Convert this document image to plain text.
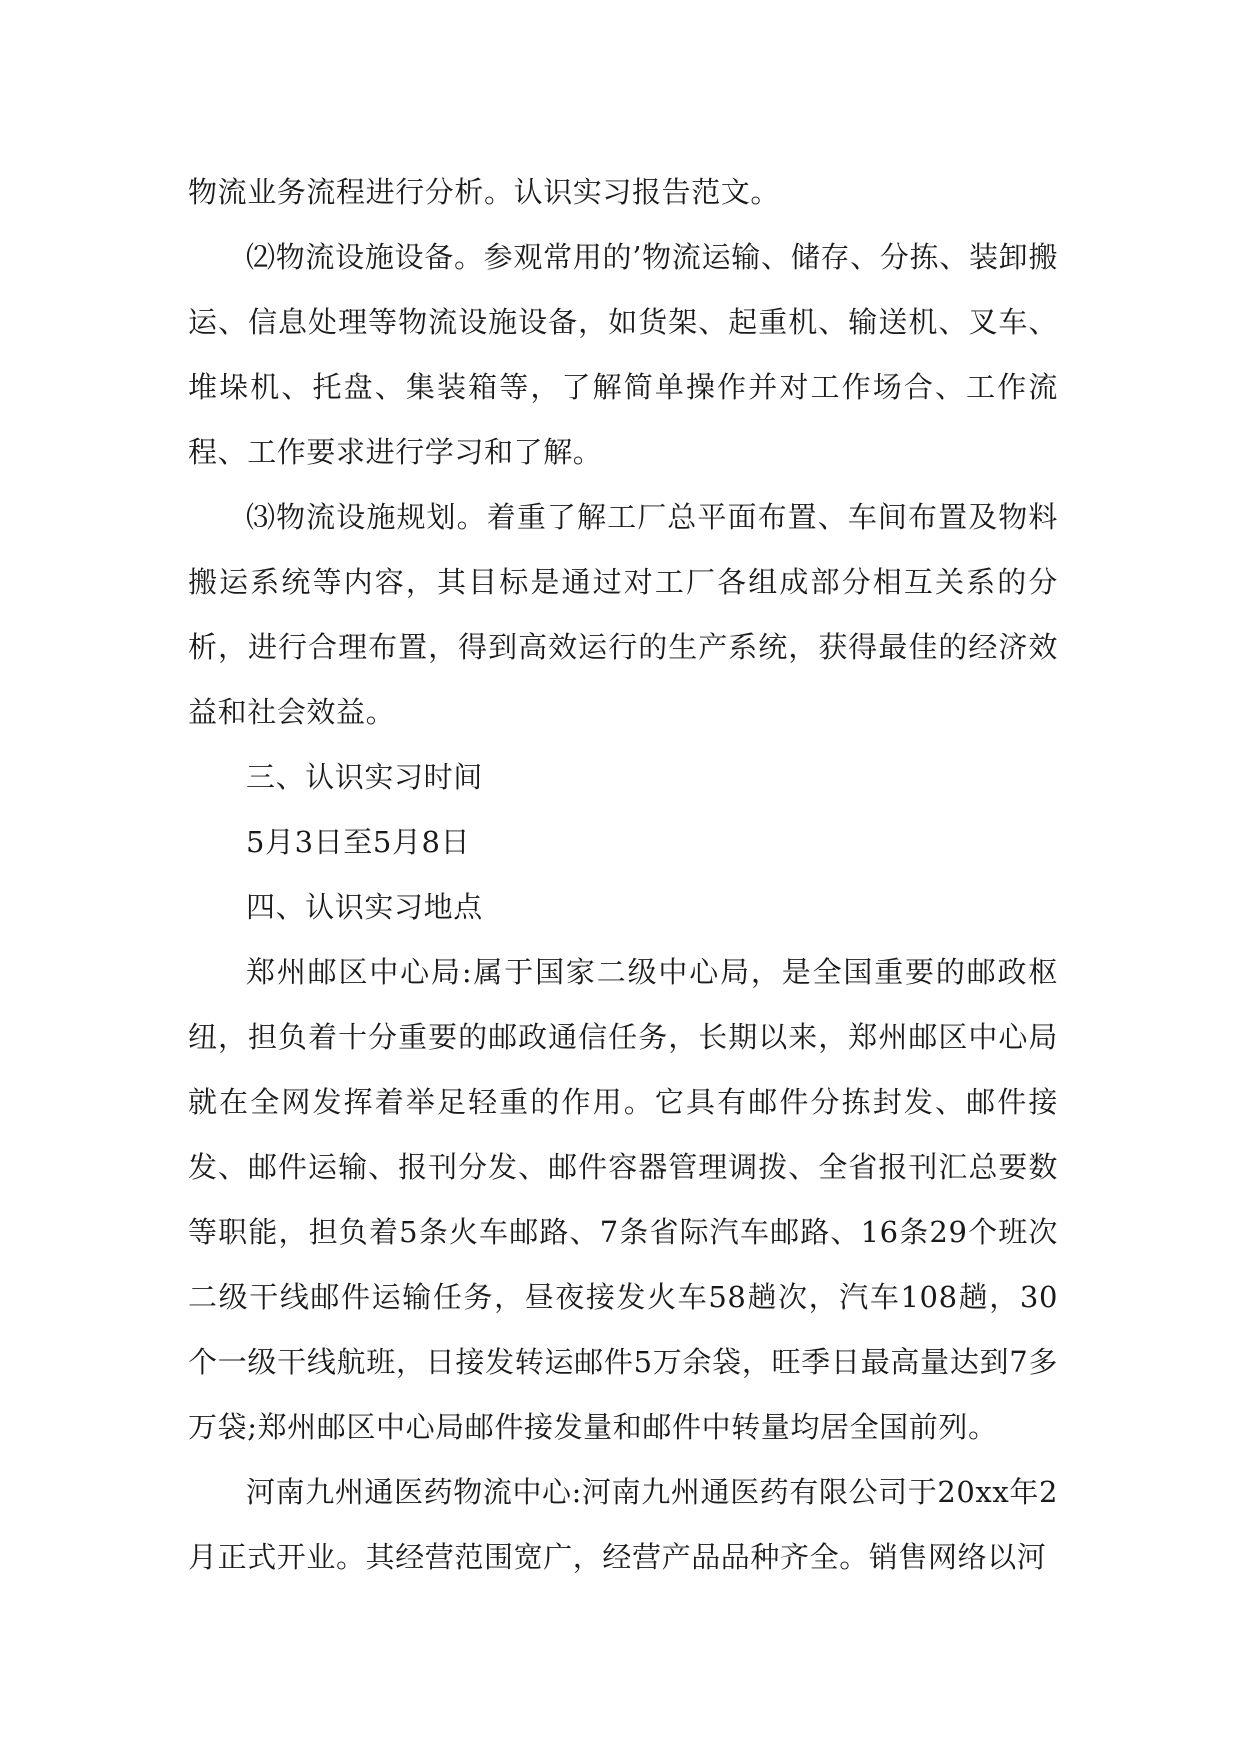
物流业务流程进行分析。认识实习报告范文。

⑵物流设施设备。参观常用的’物流运输、储存、分拣、装卸搬运、信息处理等物流设施设备，如货架、起重机、输送机、叉车、堆垛机、托盘、集装箱等，了解简单操作并对工作场合、工作流程、工作要求进行学习和了解。

⑶物流设施规划。着重了解工厂总平面布置、车间布置及物料搬运系统等内容，其目标是通过对工厂各组成部分相互关系的分析，进行合理布置，得到高效运行的生产系统，获得最佳的经济效益和社会效益。

三、认识实习时间

5月3日至5月8日

四、认识实习地点

郑州邮区中心局:属于国家二级中心局，是全国重要的邮政枢纽，担负着十分重要的邮政通信任务，长期以来，郑州邮区中心局就在全网发挥着举足轻重的作用。它具有邮件分拣封发、邮件接发、邮件运输、报刊分发、邮件容器管理调拨、全省报刊汇总要数等职能，担负着5条火车邮路、7条省际汽车邮路、16条29个班次二级干线邮件运输任务，昼夜接发火车58趟次，汽车108趟，30个一级干线航班，日接发转运邮件5万余袋，旺季日最高量达到7多万袋;郑州邮区中心局邮件接发量和邮件中转量均居全国前列。

河南九州通医药物流中心:河南九州通医药有限公司于20xx年2月正式开业。其经营范围宽广，经营产品品种齐全。销售网络以河
